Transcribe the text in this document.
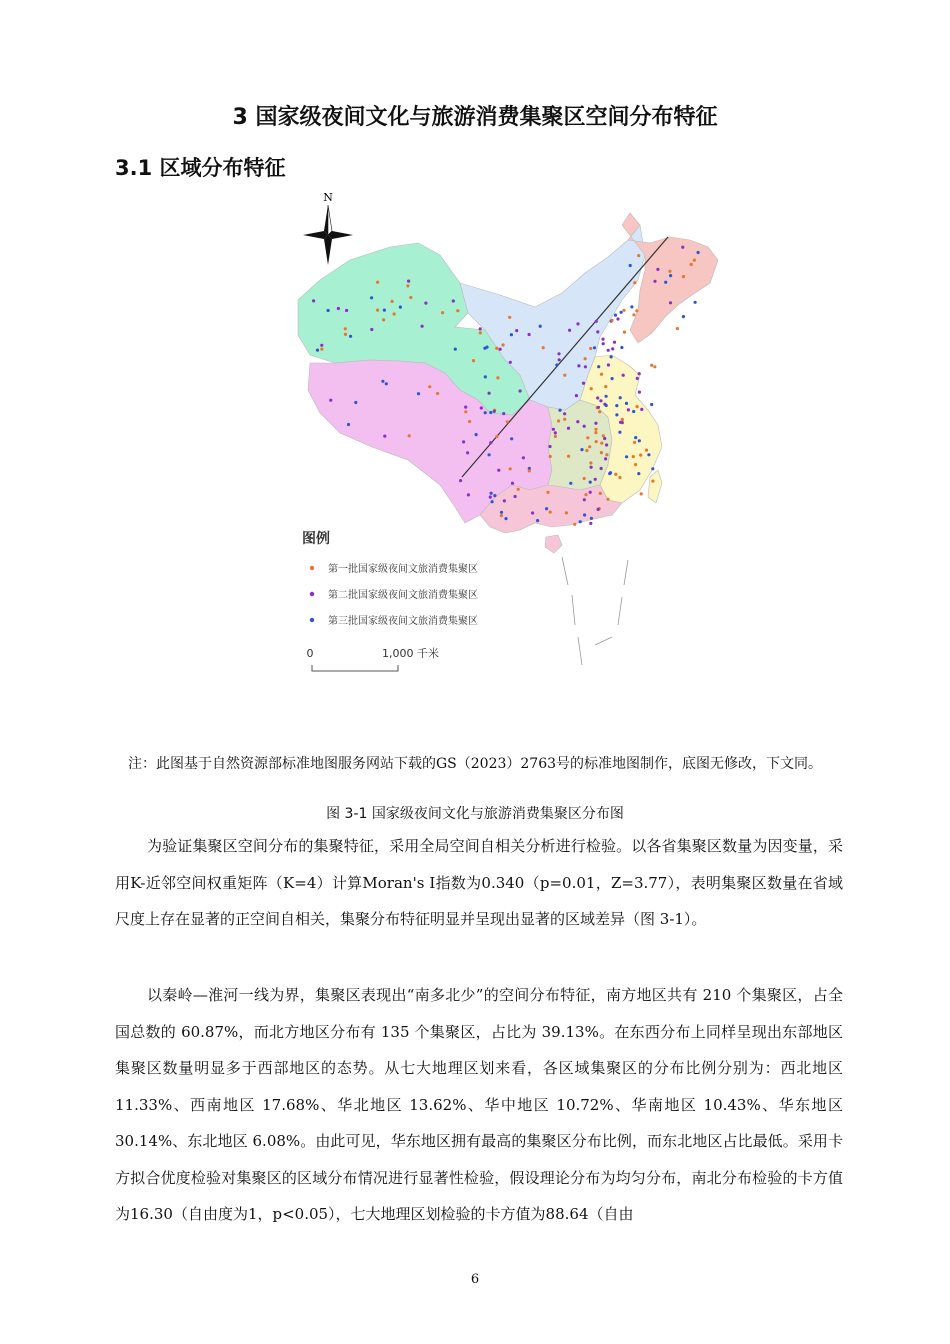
3 国家级夜间文化与旅游消费集聚区空间分布特征
3.1 区域分布特征
N
图例
第一批国家级夜间文旅消费集聚区
第二批国家级夜间文旅消费集聚区
第三批国家级夜间文旅消费集聚区
0	1,000 千米
注：此图基于自然资源部标准地图服务网站下载的GS（2023）2763号的标准地图制作，底图无修改，下文同。
图 3-1 国家级夜间文化与旅游消费集聚区分布图

为验证集聚区空间分布的集聚特征，采用全局空间自相关分析进行检验。以各省集聚区数量为因变量，采用K-近邻空间权重矩阵（K=4）计算Moran's I指数为0.340（p=0.01，Z=3.77），表明集聚区数量在省域尺度上存在显著的正空间自相关，集聚分布特征明显并呈现出显著的区域差异（图 3-1）。

以秦岭—淮河一线为界，集聚区表现出“南多北少”的空间分布特征，南方地区共有 210 个集聚区，占全国总数的 60.87%，而北方地区分布有 135 个集聚区，占比为 39.13%。在东西分布上同样呈现出东部地区集聚区数量明显多于西部地区的态势。从七大地理区划来看，各区域集聚区的分布比例分别为：西北地区 11.33%、西南地区 17.68%、华北地区 13.62%、华中地区 10.72%、华南地区 10.43%、华东地区 30.14%、东北地区 6.08%。由此可见，华东地区拥有最高的集聚区分布比例，而东北地区占比最低。采用卡方拟合优度检验对集聚区的区域分布情况进行显著性检验，假设理论分布为均匀分布，南北分布检验的卡方值为16.30（自由度为1，p<0.05），七大地理区划检验的卡方值为88.64（自由

6
